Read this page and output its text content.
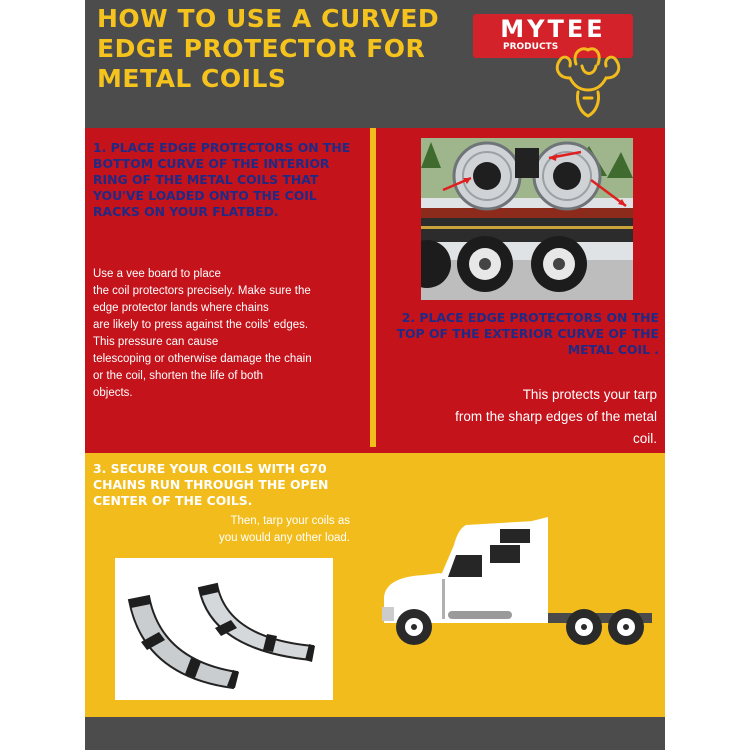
HOW TO USE A CURVED EDGE PROTECTOR FOR METAL COILS
MYTEE
PRODUCTS

1. PLACE EDGE PROTECTORS ON THE BOTTOM CURVE OF THE INTERIOR RING OF THE METAL COILS THAT YOU'VE LOADED ONTO THE COIL RACKS ON YOUR FLATBED.

Use a vee board to place

the coil protectors precisely. Make sure the

edge protector lands where chains

are likely to press against the coils' edges.

This pressure can cause

telescoping or otherwise damage the chain

or the coil, shorten the life of both

objects.

2. PLACE EDGE PROTECTORS ON THE TOP OF THE EXTERIOR CURVE OF THE METAL COIL .

This protects your tarp

from the sharp edges of the metal

coil.

3. SECURE YOUR COILS WITH G70 CHAINS RUN THROUGH THE OPEN CENTER OF THE COILS.

Then, tarp your coils as

you would any other load.
